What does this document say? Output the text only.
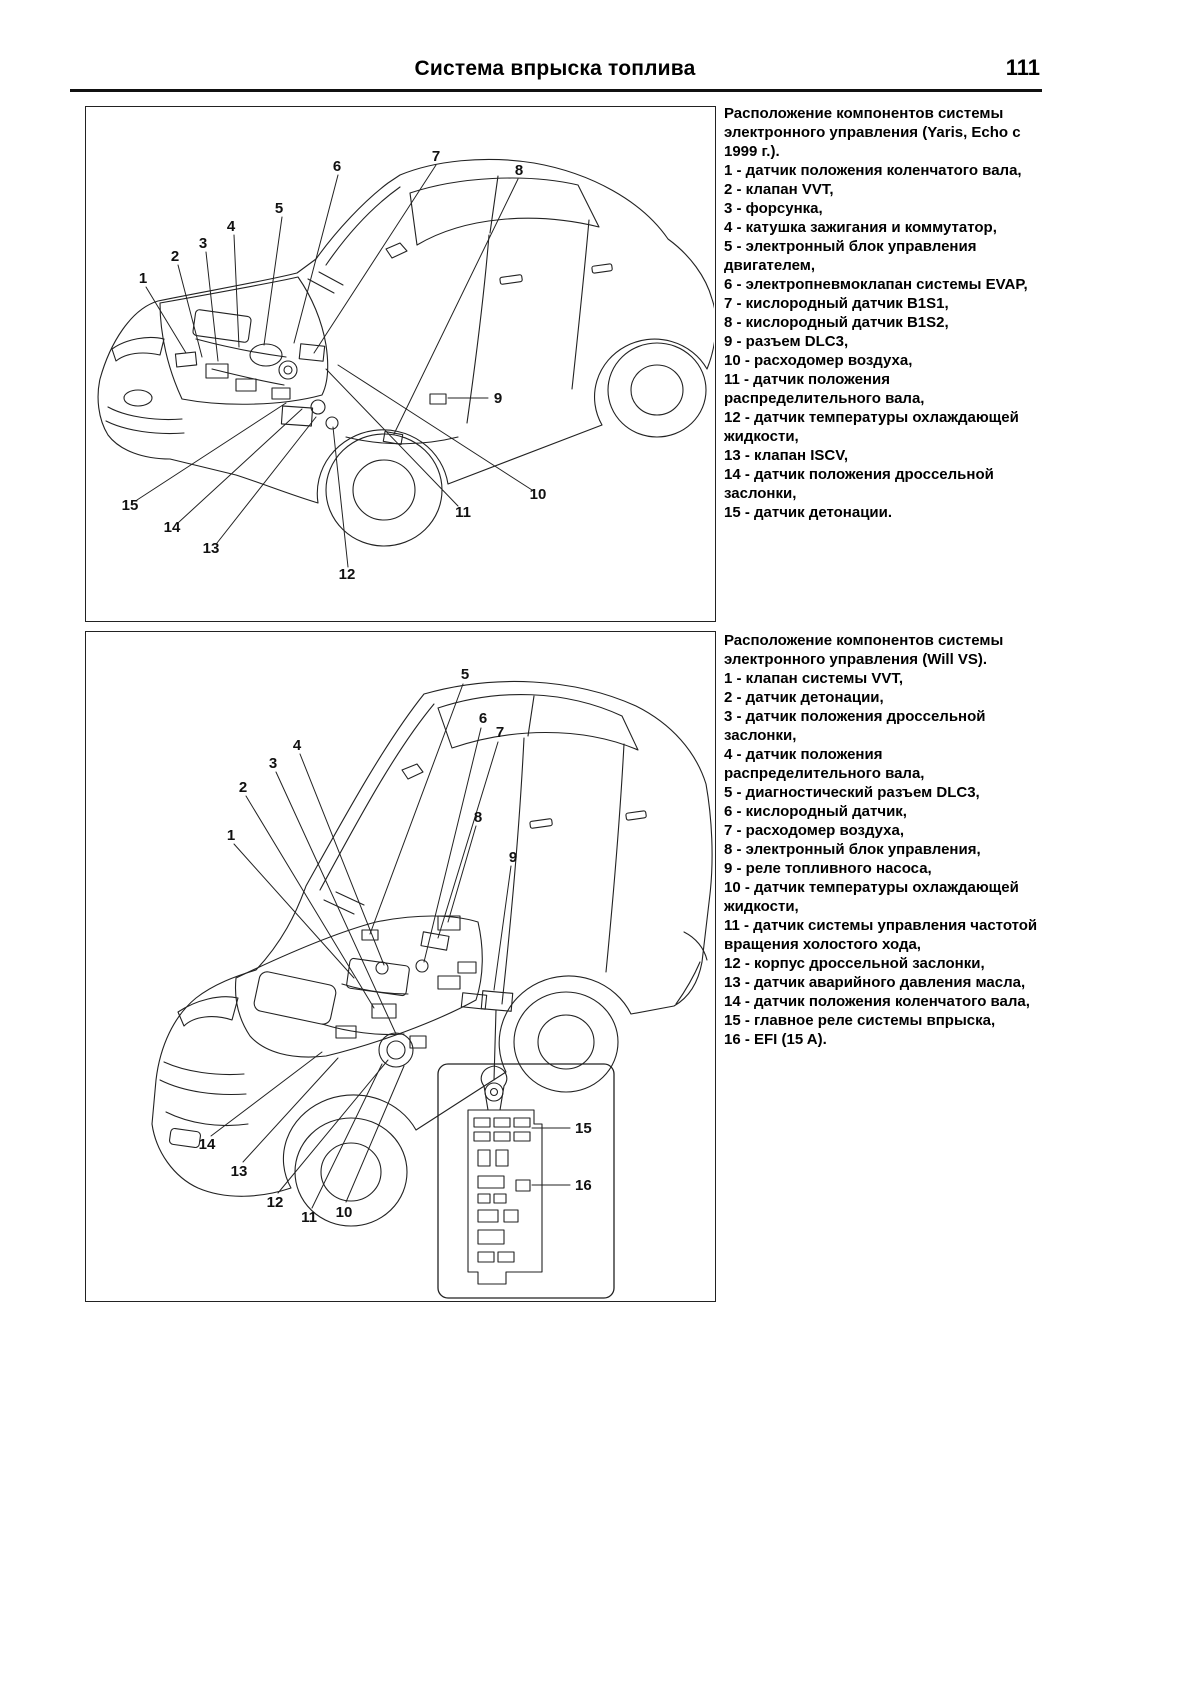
Система впрыска топлива	111
1
2
3
4
5
6
7
8
9
10
11
12
13
14
15
Расположение компонентов системы электронного управления (Yaris, Echo с 1999 г.).
1 - датчик положения коленчатого вала,
2 - клапан VVT,
3 - форсунка,
4 - катушка зажигания и коммутатор,
5 - электронный блок управления двигателем,
6 - электропневмоклапан системы EVAP,
7 - кислородный датчик B1S1,
8 - кислородный датчик B1S2,
9 - разъем DLC3,
10 - расходомер воздуха,
11 - датчик положения распределительного вала,
12 - датчик температуры охлаждающей жидкости,
13 - клапан ISCV,
14 - датчик положения дроссельной заслонки,
15 - датчик детонации.
1
2
3
4
5
6
7
8
9
10
11
12
13
14
15
16
Расположение компонентов системы электронного управления (Will VS).
1 - клапан системы VVT,
2 - датчик детонации,
3 - датчик положения дроссельной заслонки,
4 - датчик положения распределительного вала,
5 - диагностический разъем DLC3,
6 - кислородный датчик,
7 - расходомер воздуха,
8 - электронный блок управления,
9 - реле топливного насоса,
10 - датчик температуры охлаждающей жидкости,
11 - датчик системы управления частотой вращения холостого хода,
12 - корпус дроссельной заслонки,
13 - датчик аварийного давления масла,
14 - датчик положения коленчатого вала,
15 - главное реле системы впрыска,
16 - EFI (15 A).
